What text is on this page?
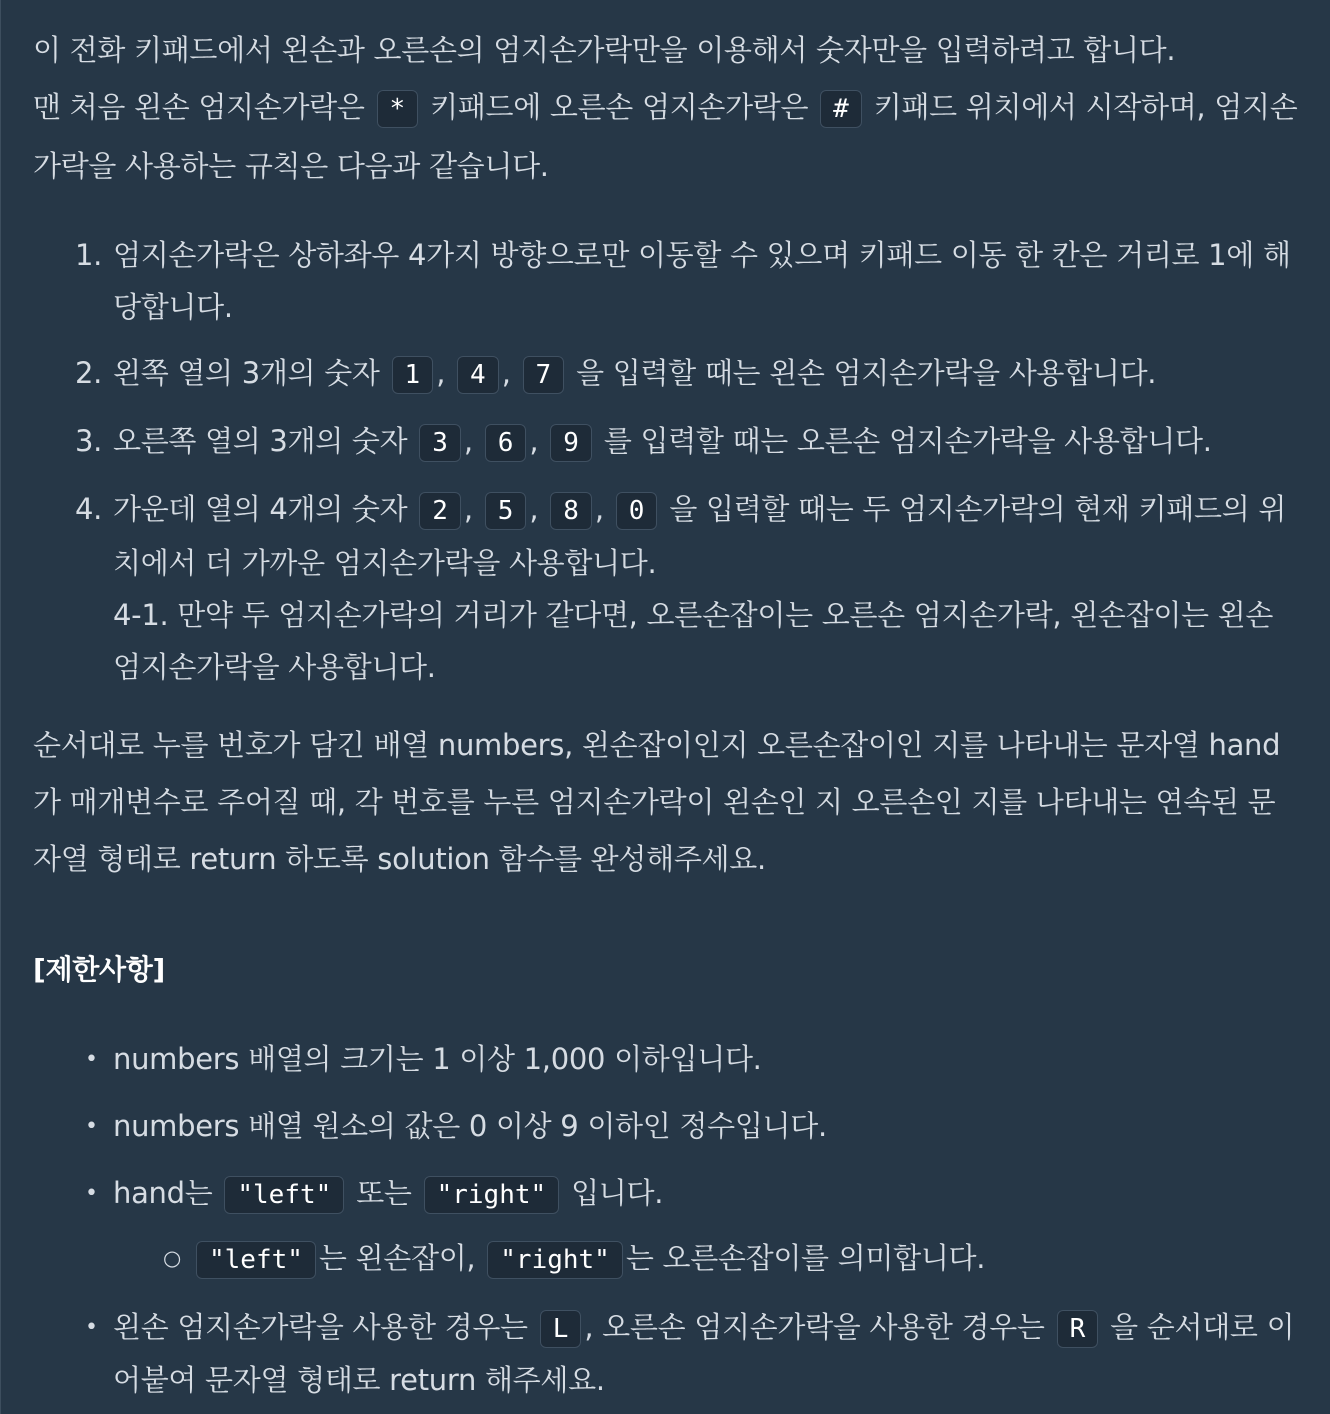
이 전화 키패드에서 왼손과 오른손의 엄지손가락만을 이용해서 숫자만을 입력하려고 합니다.
맨 처음 왼손 엄지손가락은 * 키패드에 오른손 엄지손가락은 # 키패드 위치에서 시작하며, 엄지손가락을 사용하는 규칙은 다음과 같습니다.

1. 엄지손가락은 상하좌우 4가지 방향으로만 이동할 수 있으며 키패드 이동 한 칸은 거리로 1에 해당합니다.
2. 왼쪽 열의 3개의 숫자 1 , 4 , 7 을 입력할 때는 왼손 엄지손가락을 사용합니다.
3. 오른쪽 열의 3개의 숫자 3 , 6 , 9 를 입력할 때는 오른손 엄지손가락을 사용합니다.
4. 가운데 열의 4개의 숫자 2 , 5 , 8 , 0 을 입력할 때는 두 엄지손가락의 현재 키패드의 위치에서 더 가까운 엄지손가락을 사용합니다.
4-1. 만약 두 엄지손가락의 거리가 같다면, 오른손잡이는 오른손 엄지손가락, 왼손잡이는 왼손 엄지손가락을 사용합니다.

순서대로 누를 번호가 담긴 배열 numbers, 왼손잡이인지 오른손잡이인 지를 나타내는 문자열 hand가 매개변수로 주어질 때, 각 번호를 누른 엄지손가락이 왼손인 지 오른손인 지를 나타내는 연속된 문자열 형태로 return 하도록 solution 함수를 완성해주세요.

[제한사항]
• numbers 배열의 크기는 1 이상 1,000 이하입니다.
• numbers 배열 원소의 값은 0 이상 9 이하인 정수입니다.
• hand는 "left" 또는 "right" 입니다.
○ "left" 는 왼손잡이, "right" 는 오른손잡이를 의미합니다.
• 왼손 엄지손가락을 사용한 경우는 L , 오른손 엄지손가락을 사용한 경우는 R 을 순서대로 이어붙여 문자열 형태로 return 해주세요.
